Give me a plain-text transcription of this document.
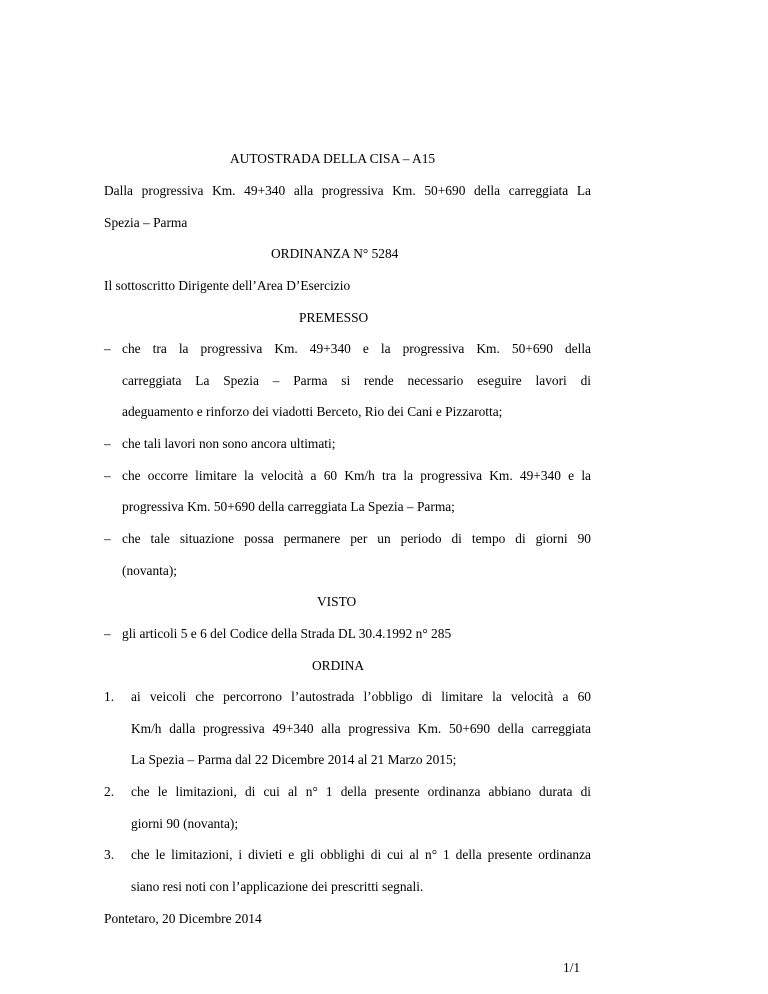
AUTOSTRADA DELLA CISA – A15
Dalla progressiva Km. 49+340 alla progressiva Km. 50+690 della carreggiata La
Spezia – Parma
ORDINANZA N° 5284
Il sottoscritto Dirigente dell’Area D’Esercizio
PREMESSO
– che tra la progressiva Km. 49+340 e la progressiva Km. 50+690 della
carreggiata La Spezia – Parma si rende necessario eseguire lavori di
adeguamento e rinforzo dei viadotti Berceto, Rio dei Cani e Pizzarotta;
– che tali lavori non sono ancora ultimati;
– che occorre limitare la velocità a 60 Km/h tra la progressiva Km. 49+340 e la
progressiva Km. 50+690 della carreggiata La Spezia – Parma;
– che tale situazione possa permanere per un periodo di tempo di giorni 90
(novanta);
VISTO
– gli articoli 5 e 6 del Codice della Strada DL 30.4.1992 n° 285
ORDINA
1. ai veicoli che percorrono l’autostrada l’obbligo di limitare la velocità a 60
Km/h dalla progressiva 49+340 alla progressiva Km. 50+690 della carreggiata
La Spezia – Parma dal 22 Dicembre 2014 al 21 Marzo 2015;
2. che le limitazioni, di cui al n° 1 della presente ordinanza abbiano durata di
giorni 90 (novanta);
3. che le limitazioni, i divieti e gli obblighi di cui al n° 1 della presente ordinanza
siano resi noti con l’applicazione dei prescritti segnali.
Pontetaro, 20 Dicembre 2014
1/1
